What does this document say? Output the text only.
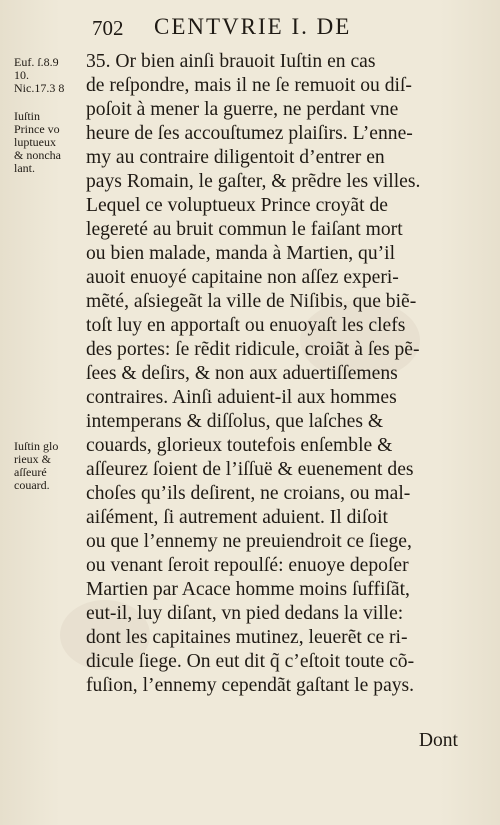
702 CENTVRIE I. DE
Euf. ſ.8.9
10.
Nic.17.3 8
Iuſtin
Prince vo
luptueux
& noncha
lant.
Iuſtin glo
rieux &
aſſeuré
couard.
35. Or bien ainſi brauoit Iuſtin en cas
de reſpondre, mais il ne ſe remuoit ou diſ-
poſoit à mener la guerre, ne perdant vne
heure de ſes accouſtumez plaiſirs. L’enne-
my au contraire diligentoit d’entrer en
pays Romain, le gaſter, & prẽdre les villes.
Lequel ce voluptueux Prince croyãt de
legereté au bruit commun le faiſant mort
ou bien malade, manda à Martien, qu’il
auoit enuoyé capitaine non aſſez experi-
mẽté, aſsiegeãt la ville de Niſibis, que biẽ-
toſt luy en apportaſt ou enuoyaſt les clefs
des portes: ſe rẽdit ridicule, croiãt à ſes pẽ-
ſees & deſirs, & non aux aduertiſſemens
contraires. Ainſi aduient-il aux hommes
intemperans & diſſolus, que laſches &
couards, glorieux toutefois enſemble &
aſſeurez ſoient de l’iſſuë & euenement des
choſes qu’ils deſirent, ne croians, ou mal-
aiſément, ſi autrement aduient. Il diſoit
ou que l’ennemy ne preuiendroit ce ſiege,
ou venant ſeroit repoulſé: enuoye depoſer
Martien par Acace homme moins ſuffiſãt,
eut-il, luy diſant, vn pied dedans la ville:
dont les capitaines mutinez, leuerẽt ce ri-
dicule ſiege. On eut dit q̃ c’eſtoit toute cõ-
fuſion, l’ennemy cependãt gaſtant le pays.
Dont
